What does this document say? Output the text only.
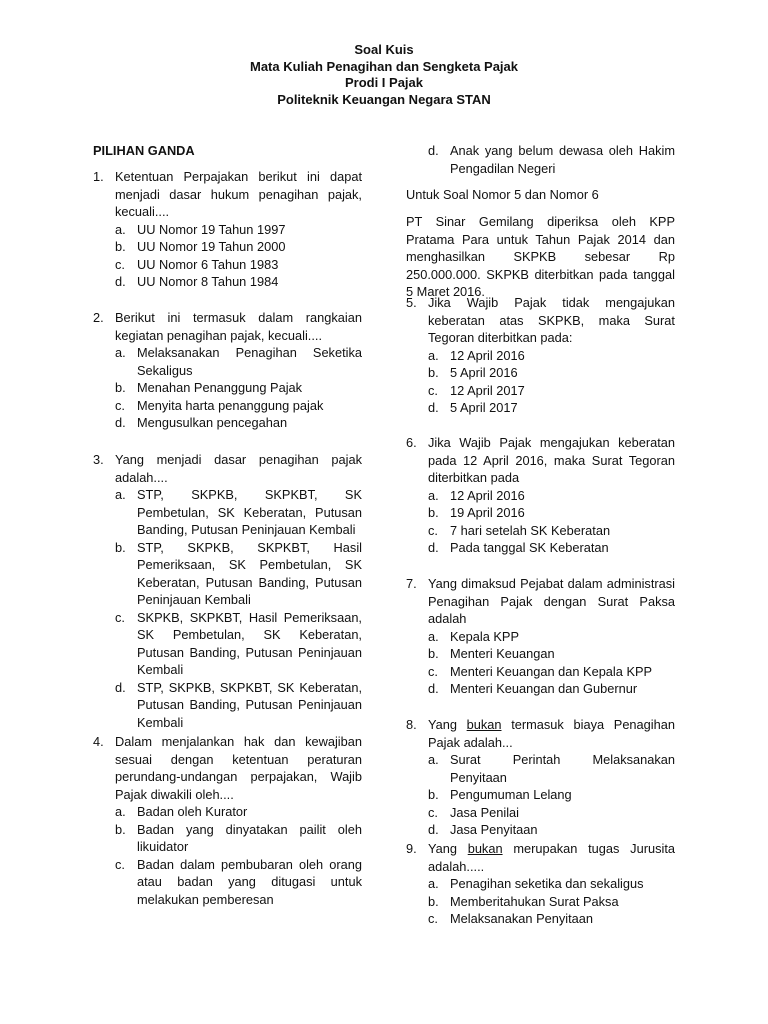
Soal Kuis
Mata Kuliah Penagihan dan Sengketa Pajak
Prodi I Pajak
Politeknik Keuangan Negara STAN
PILIHAN GANDA
1. Ketentuan Perpajakan berikut ini dapat menjadi dasar hukum penagihan pajak, kecuali....
a. UU Nomor 19 Tahun 1997
b. UU Nomor 19 Tahun 2000
c. UU Nomor 6 Tahun 1983
d. UU Nomor 8 Tahun 1984
2. Berikut ini termasuk dalam rangkaian kegiatan penagihan pajak, kecuali....
a. Melaksanakan Penagihan Seketika Sekaligus
b. Menahan Penanggung Pajak
c. Menyita harta penanggung pajak
d. Mengusulkan pencegahan
3. Yang menjadi dasar penagihan pajak adalah....
a. STP, SKPKB, SKPKBT, SK Pembetulan, SK Keberatan, Putusan Banding, Putusan Peninjauan Kembali
b. STP, SKPKB, SKPKBT, Hasil Pemeriksaan, SK Pembetulan, SK Keberatan, Putusan Banding, Putusan Peninjauan Kembali
c. SKPKB, SKPKBT, Hasil Pemeriksaan, SK Pembetulan, SK Keberatan, Putusan Banding, Putusan Peninjauan Kembali
d. STP, SKPKB, SKPKBT, SK Keberatan, Putusan Banding, Putusan Peninjauan Kembali
4. Dalam menjalankan hak dan kewajiban sesuai dengan ketentuan peraturan perundang-undangan perpajakan, Wajib Pajak diwakili oleh....
a. Badan oleh Kurator
b. Badan yang dinyatakan pailit oleh likuidator
c. Badan dalam pembubaran oleh orang atau badan yang ditugasi untuk melakukan pemberesan
d. Anak yang belum dewasa oleh Hakim Pengadilan Negeri
Untuk Soal Nomor 5 dan Nomor 6
PT Sinar Gemilang diperiksa oleh KPP Pratama Para untuk Tahun Pajak 2014 dan menghasilkan SKPKB sebesar Rp 250.000.000. SKPKB diterbitkan pada tanggal 5 Maret 2016.
5. Jika Wajib Pajak tidak mengajukan keberatan atas SKPKB, maka Surat Tegoran diterbitkan pada:
a. 12 April 2016
b. 5 April 2016
c. 12 April 2017
d. 5 April 2017
6. Jika Wajib Pajak mengajukan keberatan pada 12 April 2016, maka Surat Tegoran diterbitkan pada
a. 12 April 2016
b. 19 April 2016
c. 7 hari setelah SK Keberatan
d. Pada tanggal SK Keberatan
7. Yang dimaksud Pejabat dalam administrasi Penagihan Pajak dengan Surat Paksa adalah
a. Kepala KPP
b. Menteri Keuangan
c. Menteri Keuangan dan Kepala KPP
d. Menteri Keuangan dan Gubernur
8. Yang bukan termasuk biaya Penagihan Pajak adalah...
a. Surat Perintah Melaksanakan Penyitaan
b. Pengumuman Lelang
c. Jasa Penilai
d. Jasa Penyitaan
9. Yang bukan merupakan tugas Jurusita adalah.....
a. Penagihan seketika dan sekaligus
b. Memberitahukan Surat Paksa
c. Melaksanakan Penyitaan
